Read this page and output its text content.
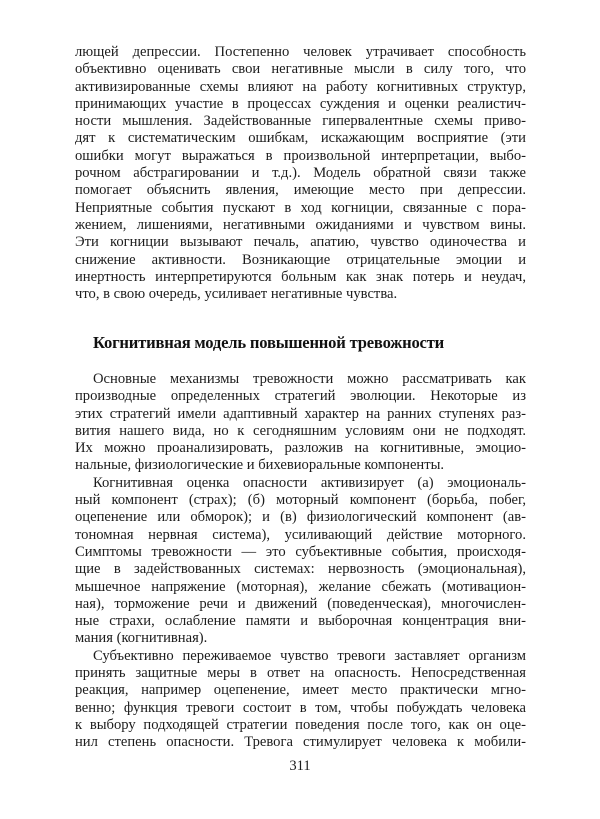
лющей депрессии. Постепенно человек утрачивает способность
объективно оценивать свои негативные мысли в силу того, что
активизированные схемы влияют на работу когнитивных структур,
принимающих участие в процессах суждения и оценки реалистич-
ности мышления. Задействованные гипервалентные схемы приво-
дят к систематическим ошибкам, искажающим восприятие (эти
ошибки могут выражаться в произвольной интерпретации, выбо-
рочном абстрагировании и т.д.). Модель обратной связи также
помогает объяснить явления, имеющие место при депрессии.
Неприятные события пускают в ход когниции, связанные с пора-
жением, лишениями, негативными ожиданиями и чувством вины.
Эти когниции вызывают печаль, апатию, чувство одиночества и
снижение активности. Возникающие отрицательные эмоции и
инертность интерпретируются больным как знак потерь и неудач,
что, в свою очередь, усиливает негативные чувства.
Основные механизмы тревожности можно рассматривать как
производные определенных стратегий эволюции. Некоторые из
этих стратегий имели адаптивный характер на ранних ступенях раз-
вития нашего вида, но к сегодняшним условиям они не подходят.
Их можно проанализировать, разложив на когнитивные, эмоцио-
нальные, физиологические и бихевиоральные компоненты.
Когнитивная оценка опасности активизирует (а) эмоциональ-
ный компонент (страх); (б) моторный компонент (борьба, побег,
оцепенение или обморок); и (в) физиологический компонент (ав-
тономная нервная система), усиливающий действие моторного.
Симптомы тревожности — это субъективные события, происходя-
щие в задействованных системах: нервозность (эмоциональная),
мышечное напряжение (моторная), желание сбежать (мотивацион-
ная), торможение речи и движений (поведенческая), многочислен-
ные страхи, ослабление памяти и выборочная концентрация вни-
мания (когнитивная).
Субъективно переживаемое чувство тревоги заставляет организм
принять защитные меры в ответ на опасность. Непосредственная
реакция, например оцепенение, имеет место практически мгно-
венно; функция тревоги состоит в том, чтобы побуждать человека
к выбору подходящей стратегии поведения после того, как он оце-
нил степень опасности. Тревога стимулирует человека к мобили-
Когнитивная модель повышенной тревожности
311
